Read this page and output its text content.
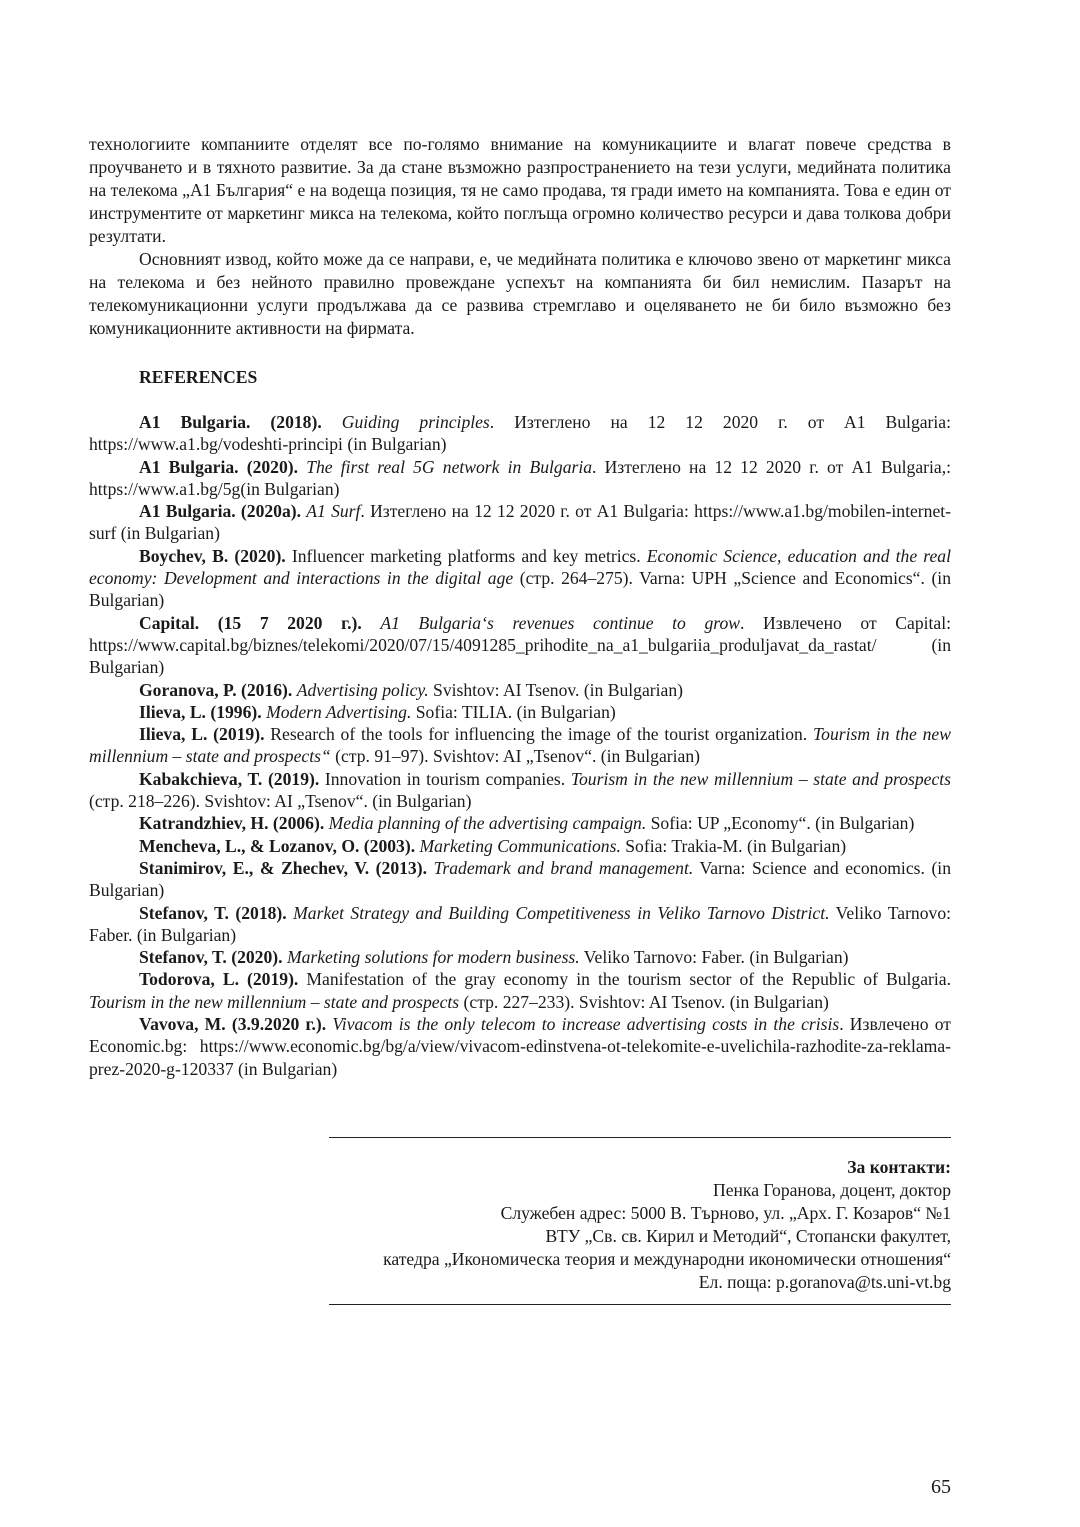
технологиите компаниите отделят все по-голямо внимание на комуникациите и влагат повече средства в проучването и в тяхното развитие. За да стане възможно разпространението на тези услуги, медийната политика на телекома „А1 България“ е на водеща позиция, тя не само продава, тя гради името на компанията. Това е един от инструментите от маркетинг микса на телекома, който поглъща огромно количество ресурси и дава толкова добри резултати.

Основният извод, който може да се направи, е, че медийната политика е ключово звено от маркетинг микса на телекома и без нейното правилно провеждане успехът на компанията би бил немислим. Пазарът на телекомуникационни услуги продължава да се развива стремглаво и оцеляването не би било възможно без комуникационните активности на фирмата.

REFERENCES

A1 Bulgaria. (2018). Guiding principles. Изтеглено на 12 12 2020 г. от A1 Bulgaria: https://www.a1.bg/vodeshti-principi (in Bulgarian)

A1 Bulgaria. (2020). The first real 5G network in Bulgaria. Изтеглено на 12 12 2020 г. от A1 Bulgaria,: https://www.a1.bg/5g(in Bulgarian)

A1 Bulgaria. (2020a). A1 Surf. Изтеглено на 12 12 2020 г. от A1 Bulgaria: https://www.a1.bg/mobilen-internet-surf (in Bulgarian)

Boychev, B. (2020). Influencer marketing platforms and key metrics. Economic Science, education and the real economy: Development and interactions in the digital age (стр. 264–275). Varna: UPH „Science and Economics“. (in Bulgarian)

Capital. (15 7 2020 г.). A1 Bulgaria‘s revenues continue to grow. Извлечено от Capital: https://www.capital.bg/biznes/telekomi/2020/07/15/4091285_prihodite_na_a1_bulgariia_produljavat_da_rastat/ (in Bulgarian)

Goranova, P. (2016). Advertising policy. Svishtov: AI Tsenov. (in Bulgarian)

Ilieva, L. (1996). Modern Advertising. Sofia: TILIA. (in Bulgarian)

Ilieva, L. (2019). Research of the tools for influencing the image of the tourist organization. Tourism in the new millennium – state and prospects“ (стр. 91–97). Svishtov: AI „Tsenov“. (in Bulgarian)

Kabakchieva, T. (2019). Innovation in tourism companies. Tourism in the new millennium – state and prospects (стр. 218–226). Svishtov: AI „Tsenov“. (in Bulgarian)

Katrandzhiev, H. (2006). Media planning of the advertising campaign. Sofia: UP „Economy“. (in Bulgarian)

Mencheva, L., & Lozanov, O. (2003). Marketing Communications. Sofia: Trakia-M. (in Bulgarian)

Stanimirov, E., & Zhechev, V. (2013). Trademark and brand management. Varna: Science and economics. (in Bulgarian)

Stefanov, T. (2018). Market Strategy and Building Competitiveness in Veliko Tarnovo District. Veliko Tarnovo: Faber. (in Bulgarian)

Stefanov, T. (2020). Marketing solutions for modern business. Veliko Tarnovo: Faber. (in Bulgarian)

Todorova, L. (2019). Manifestation of the gray economy in the tourism sector of the Republic of Bulgaria. Tourism in the new millennium – state and prospects (стр. 227–233). Svishtov: AI Tsenov. (in Bulgarian)

Vavova, M. (3.9.2020 г.). Vivacom is the only telecom to increase advertising costs in the crisis. Извлечено от Economic.bg: https://www.economic.bg/bg/a/view/vivacom-edinstvena-ot-telekomite-e-uvelichila-razhodite-za-reklama-prez-2020-g-120337 (in Bulgarian)

За контакти:
Пенка Горанова, доцент, доктор
Служебен адрес: 5000 В. Търново, ул. „Арх. Г. Козаров“ №1
ВТУ „Св. св. Кирил и Методий“, Стопански факултет,
катедра „Икономическа теория и международни икономически отношения“
Ел. поща: p.goranova@ts.uni-vt.bg
65
